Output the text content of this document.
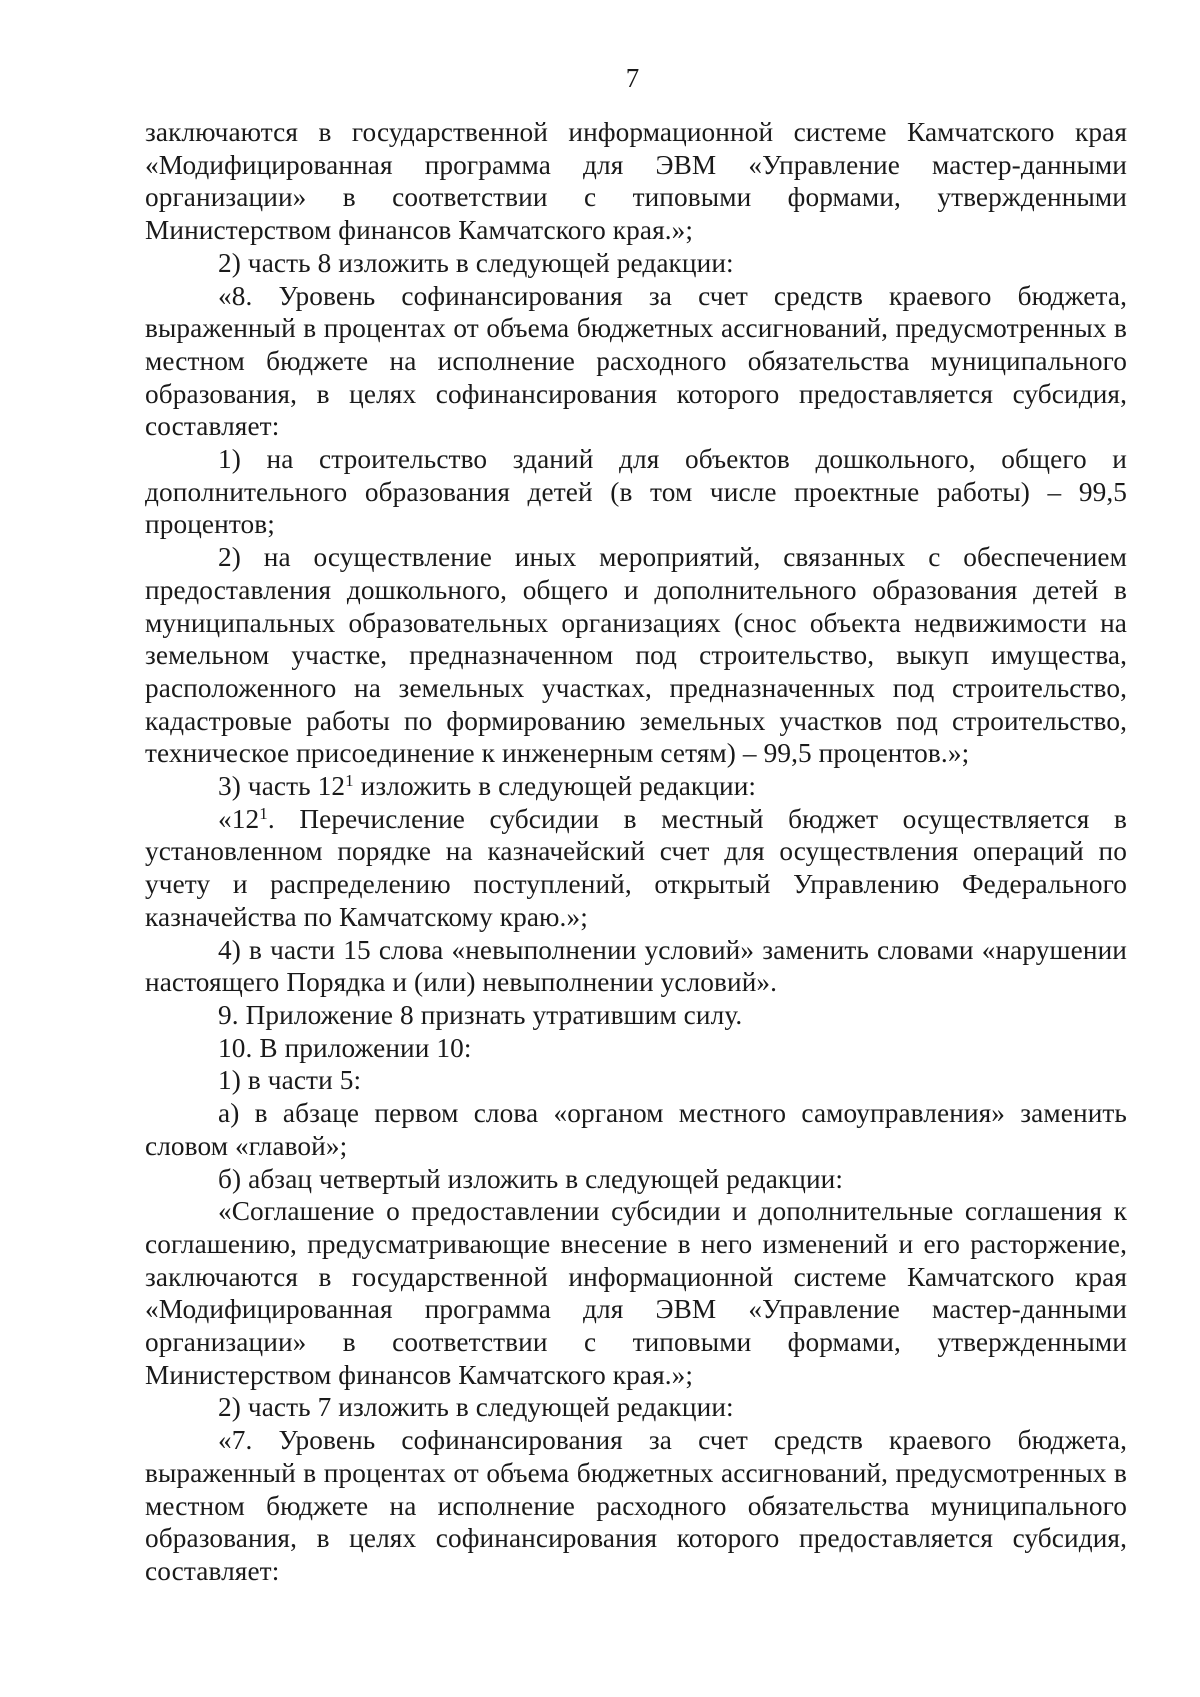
7

заключаются в государственной информационной системе Камчатского края «Модифицированная программа для ЭВМ «Управление мастер-данными организации» в соответствии с типовыми формами, утвержденными Министерством финансов Камчатского края.»;

2) часть 8 изложить в следующей редакции:

«8. Уровень софинансирования за счет средств краевого бюджета, выраженный в процентах от объема бюджетных ассигнований, предусмотренных в местном бюджете на исполнение расходного обязательства муниципального образования, в целях софинансирования которого предоставляется субсидия, составляет:

1) на строительство зданий для объектов дошкольного, общего и дополнительного образования детей (в том числе проектные работы) – 99,5 процентов;

2) на осуществление иных мероприятий, связанных с обеспечением предоставления дошкольного, общего и дополнительного образования детей в муниципальных образовательных организациях (снос объекта недвижимости на земельном участке, предназначенном под строительство, выкуп имущества, расположенного на земельных участках, предназначенных под строительство, кадастровые работы по формированию земельных участков под строительство, техническое присоединение к инженерным сетям) – 99,5 процентов.»;

3) часть $12^1$ изложить в следующей редакции:

«$12^1$. Перечисление субсидии в местный бюджет осуществляется в установленном порядке на казначейский счет для осуществления операций по учету и распределению поступлений, открытый Управлению Федерального казначейства по Камчатскому краю.»;

4) в части 15 слова «невыполнении условий» заменить словами «нарушении настоящего Порядка и (или) невыполнении условий».

9. Приложение 8 признать утратившим силу.

10. В приложении 10:

1) в части 5:

а) в абзаце первом слова «органом местного самоуправления» заменить словом «главой»;

б) абзац четвертый изложить в следующей редакции:

«Соглашение о предоставлении субсидии и дополнительные соглашения к соглашению, предусматривающие внесение в него изменений и его расторжение, заключаются в государственной информационной системе Камчатского края «Модифицированная программа для ЭВМ «Управление мастер-данными организации» в соответствии с типовыми формами, утвержденными Министерством финансов Камчатского края.»;

2) часть 7 изложить в следующей редакции:

«7. Уровень софинансирования за счет средств краевого бюджета, выраженный в процентах от объема бюджетных ассигнований, предусмотренных в местном бюджете на исполнение расходного обязательства муниципального образования, в целях софинансирования которого предоставляется субсидия, составляет:
